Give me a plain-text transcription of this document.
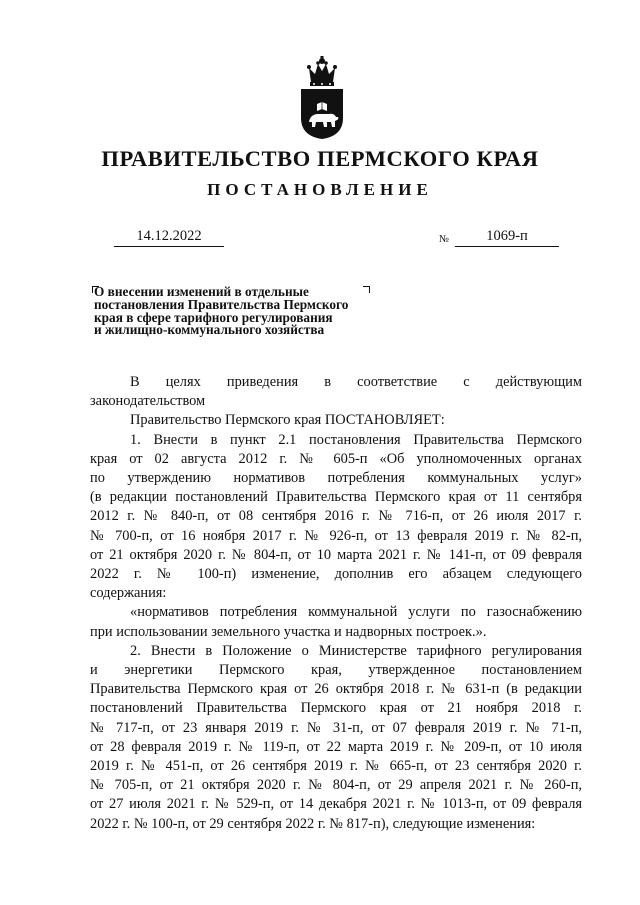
ПРАВИТЕЛЬСТВО ПЕРМСКОГО КРАЯ
ПОСТАНОВЛЕНИЕ
14.12.2022	№	1069-п
О внесении изменений в отдельные
постановления Правительства Пермского
края в сфере тарифного регулирования
и жилищно-коммунального хозяйства
В целях приведения в соответствие с действующим
законодательством
Правительство Пермского края ПОСТАНОВЛЯЕТ:
1. Внести в пункт 2.1 постановления Правительства Пермского
края от 02 августа 2012 г. № 605-п «Об уполномоченных органах
по утверждению нормативов потребления коммунальных услуг»
(в редакции постановлений Правительства Пермского края от 11 сентября
2012 г. № 840-п, от 08 сентября 2016 г. № 716-п, от 26 июля 2017 г.
№ 700-п, от 16 ноября 2017 г. № 926-п, от 13 февраля 2019 г. № 82-п,
от 21 октября 2020 г. № 804-п, от 10 марта 2021 г. № 141-п, от 09 февраля
2022 г. № 100-п) изменение, дополнив его абзацем следующего
содержания:
«нормативов потребления коммунальной услуги по газоснабжению
при использовании земельного участка и надворных построек.».
2. Внести в Положение о Министерстве тарифного регулирования
и энергетики Пермского края, утвержденное постановлением
Правительства Пермского края от 26 октября 2018 г. № 631-п (в редакции
постановлений Правительства Пермского края от 21 ноября 2018 г.
№ 717-п, от 23 января 2019 г. № 31-п, от 07 февраля 2019 г. № 71-п,
от 28 февраля 2019 г. № 119-п, от 22 марта 2019 г. № 209-п, от 10 июля
2019 г. № 451-п, от 26 сентября 2019 г. № 665-п, от 23 сентября 2020 г.
№ 705-п, от 21 октября 2020 г. № 804-п, от 29 апреля 2021 г. № 260-п,
от 27 июля 2021 г. № 529-п, от 14 декабря 2021 г. № 1013-п, от 09 февраля
2022 г. № 100-п, от 29 сентября 2022 г. № 817-п), следующие изменения:
